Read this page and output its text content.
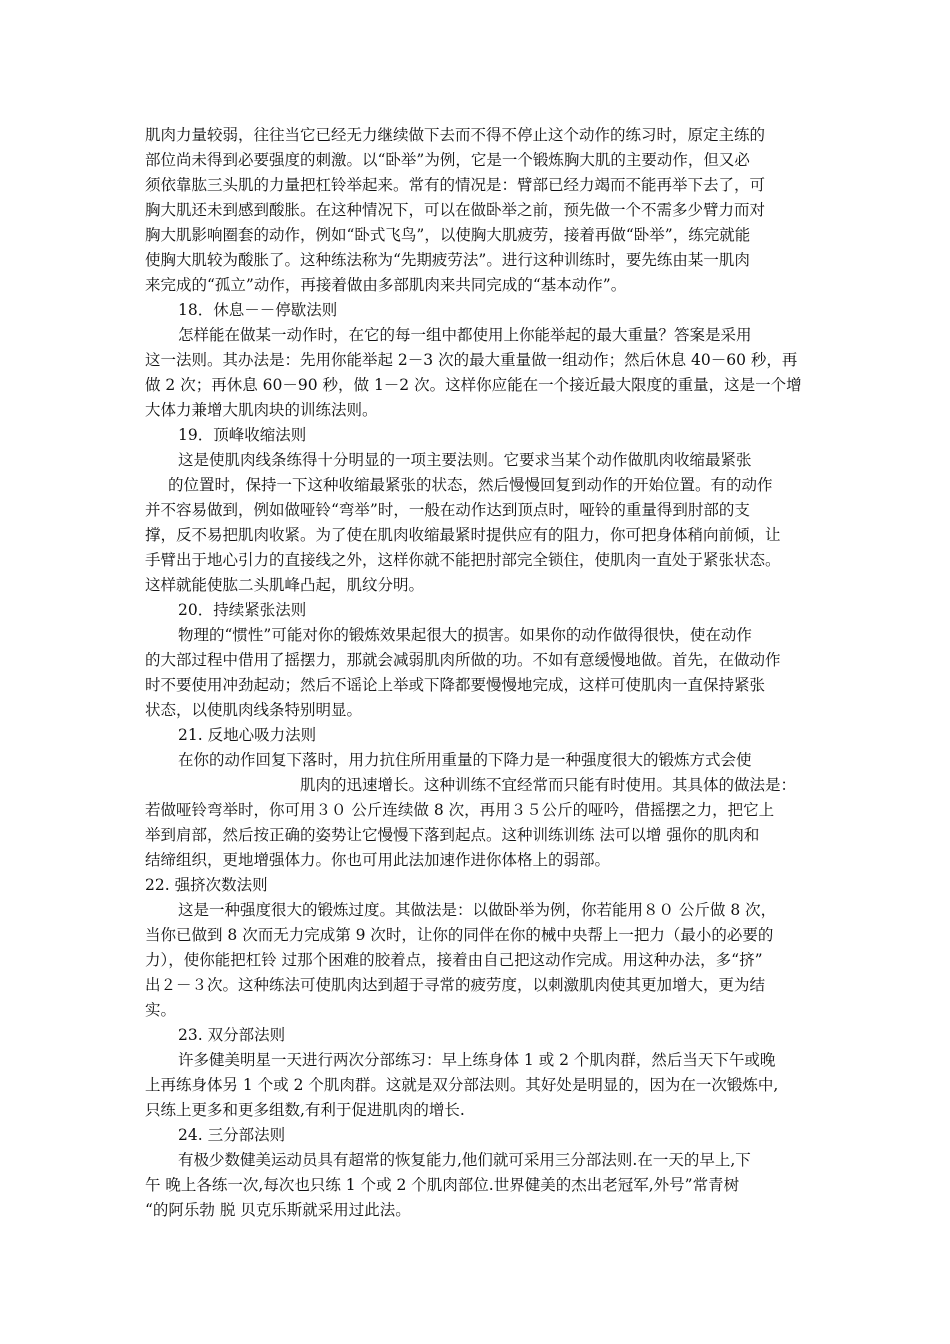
肌肉力量较弱，往往当它已经无力继续做下去而不得不停止这个动作的练习时，原定主练的
部位尚未得到必要强度的刺激。以“卧举”为例，它是一个锻炼胸大肌的主要动作，但又必
须依靠肱三头肌的力量把杠铃举起来。常有的情况是：臂部已经力竭而不能再举下去了，可
胸大肌还未到感到酸胀。在这种情况下，可以在做卧举之前，预先做一个不需多少臂力而对
胸大肌影响圈套的动作，例如“卧式飞鸟”，以使胸大肌疲劳，接着再做“卧举”，练完就能
使胸大肌较为酸胀了。这种练法称为“先期疲劳法”。进行这种训练时，要先练由某一肌肉
来完成的“孤立”动作，再接着做由多部肌肉来共同完成的“基本动作”。
18．休息－－停歇法则
怎样能在做某一动作时，在它的每一组中都使用上你能举起的最大重量？答案是采用
这一法则。其办法是：先用你能举起 2－3 次的最大重量做一组动作；然后休息 40－60 秒，再
做 2 次；再休息 60－90 秒，做 1－2 次。这样你应能在一个接近最大限度的重量，这是一个增
大体力兼增大肌肉块的训练法则。
19．顶峰收缩法则
这是使肌肉线条练得十分明显的一项主要法则。它要求当某个动作做肌肉收缩最紧张
的位置时，保持一下这种收缩最紧张的状态，然后慢慢回复到动作的开始位置。有的动作
并不容易做到，例如做哑铃“弯举”时，一般在动作达到顶点时，哑铃的重量得到肘部的支
撑，反不易把肌肉收紧。为了使在肌肉收缩最紧时提供应有的阻力，你可把身体稍向前倾，让
手臂出于地心引力的直接线之外，这样你就不能把肘部完全锁住，使肌肉一直处于紧张状态。
这样就能使肱二头肌峰凸起，肌纹分明。
20．持续紧张法则
物理的“惯性”可能对你的锻炼效果起很大的损害。如果你的动作做得很快，使在动作
的大部过程中借用了摇摆力，那就会减弱肌肉所做的功。不如有意缓慢地做。首先，在做动作
时不要使用冲劲起动；然后不谣论上举或下降都要慢慢地完成，这样可使肌肉一直保持紧张
状态，以使肌肉线条特别明显。
21. 反地心吸力法则
在你的动作回复下落时，用力抗住所用重量的下降力是一种强度很大的锻炼方式会使
肌肉的迅速增长。这种训练不宜经常而只能有时使用。其具体的做法是：
若做哑铃弯举时，你可用３０ 公斤连续做 8 次，再用３５公斤的哑吟，借摇摆之力，把它上
举到肩部，然后按正确的姿势让它慢慢下落到起点。这种训练训练 法可以增 强你的肌肉和
结缔组织，更地增强体力。你也可用此法加速作进你体格上的弱部。
22. 强挤次数法则
这是一种强度很大的锻炼过度。其做法是：以做卧举为例，你若能用８０ 公斤做 8 次，
当你已做到 8 次而无力完成第 9 次时，让你的同伴在你的械中央帮上一把力（最小的必要的
力），使你能把杠铃 过那个困难的胶着点，接着由自己把这动作完成。用这种办法，多“挤”
出２－３次。这种练法可使肌肉达到超于寻常的疲劳度，以刺激肌肉使其更加增大，更为结
实。
23. 双分部法则
许多健美明星一天进行两次分部练习：早上练身体 1 或 2 个肌肉群，然后当天下午或晚
上再练身体另 1 个或 2 个肌肉群。这就是双分部法则。其好处是明显的，因为在一次锻炼中,
只练上更多和更多组数,有利于促进肌肉的增长.
24. 三分部法则
有极少数健美运动员具有超常的恢复能力,他们就可采用三分部法则.在一天的早上,下
午 晚上各练一次,每次也只练 1 个或 2 个肌肉部位.世界健美的杰出老冠军,外号”常青树
“的阿乐勃 脱 贝克乐斯就采用过此法。
